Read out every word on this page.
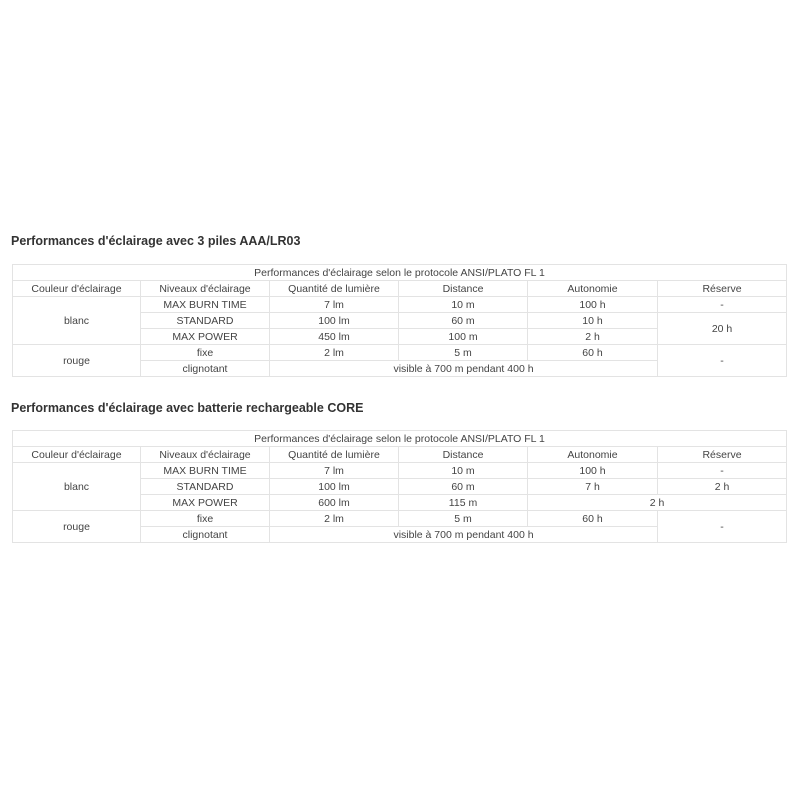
Performances d'éclairage avec 3 piles AAA/LR03
Performances d'éclairage selon le protocole ANSI/PLATO FL 1					
Couleur d'éclairage	Niveaux d'éclairage	Quantité de lumière	Distance	Autonomie	Réserve
blanc	MAX BURN TIME	7 lm	10 m	100 h	-
	STANDARD	100 lm	60 m	10 h	20 h
	MAX POWER	450 lm	100 m	2 h	
rouge	fixe	2 lm	5 m	60 h	-
	clignotant	visible à 700 m pendant 400 h			
Performances d'éclairage avec batterie rechargeable CORE
Performances d'éclairage selon le protocole ANSI/PLATO FL 1					
Couleur d'éclairage	Niveaux d'éclairage	Quantité de lumière	Distance	Autonomie	Réserve
blanc	MAX BURN TIME	7 lm	10 m	100 h	-
	STANDARD	100 lm	60 m	7 h	2 h
	MAX POWER	600 lm	115 m	2 h	
rouge	fixe	2 lm	5 m	60 h	-
	clignotant	visible à 700 m pendant 400 h			
